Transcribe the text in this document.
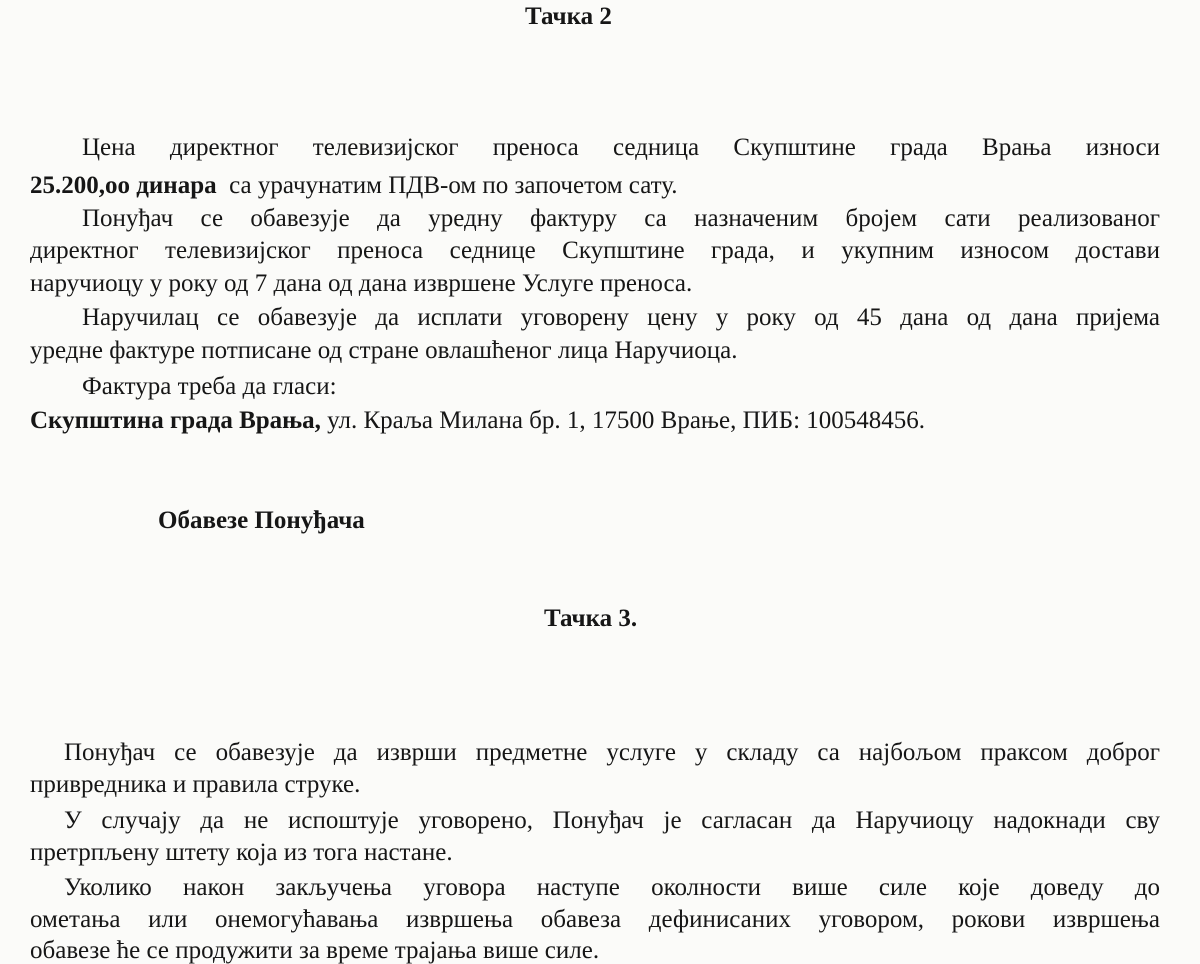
Тачка 2
Цена директног телевизијског преноса седница Скупштине града Врања износи
25.200,оо динара са урачунатим ПДВ-ом по започетом сату.
Понуђач се обавезује да уредну фактуру са назначеним бројем сати реализованог
директног телевизијског преноса седнице Скупштине града, и укупним износом достави
наручиоцу у року од 7 дана од дана извршене Услуге преноса.
Наручилац се обавезује да исплати уговорену цену у року од 45 дана од дана пријема
уредне фактуре потписане од стране овлашћеног лица Наручиоца.
Фактура треба да гласи:
Скупштина града Врања, ул. Краља Милана бр. 1, 17500 Врање, ПИБ: 100548456.
Обавезе Понуђача
Тачка 3.
Понуђач се обавезује да изврши предметне услуге у складу са најбољом праксом доброг
привредника и правила струке.
У случају да не испоштује уговорено, Понуђач је сагласан да Наручиоцу надокнади сву
претрпљену штету која из тога настане.
Уколико након закључења уговора наступе околности више силе које доведу до
ометања или онемогућавања извршења обавеза дефинисаних уговором, рокови извршења
обавезе ће се продужити за време трајања више силе.
